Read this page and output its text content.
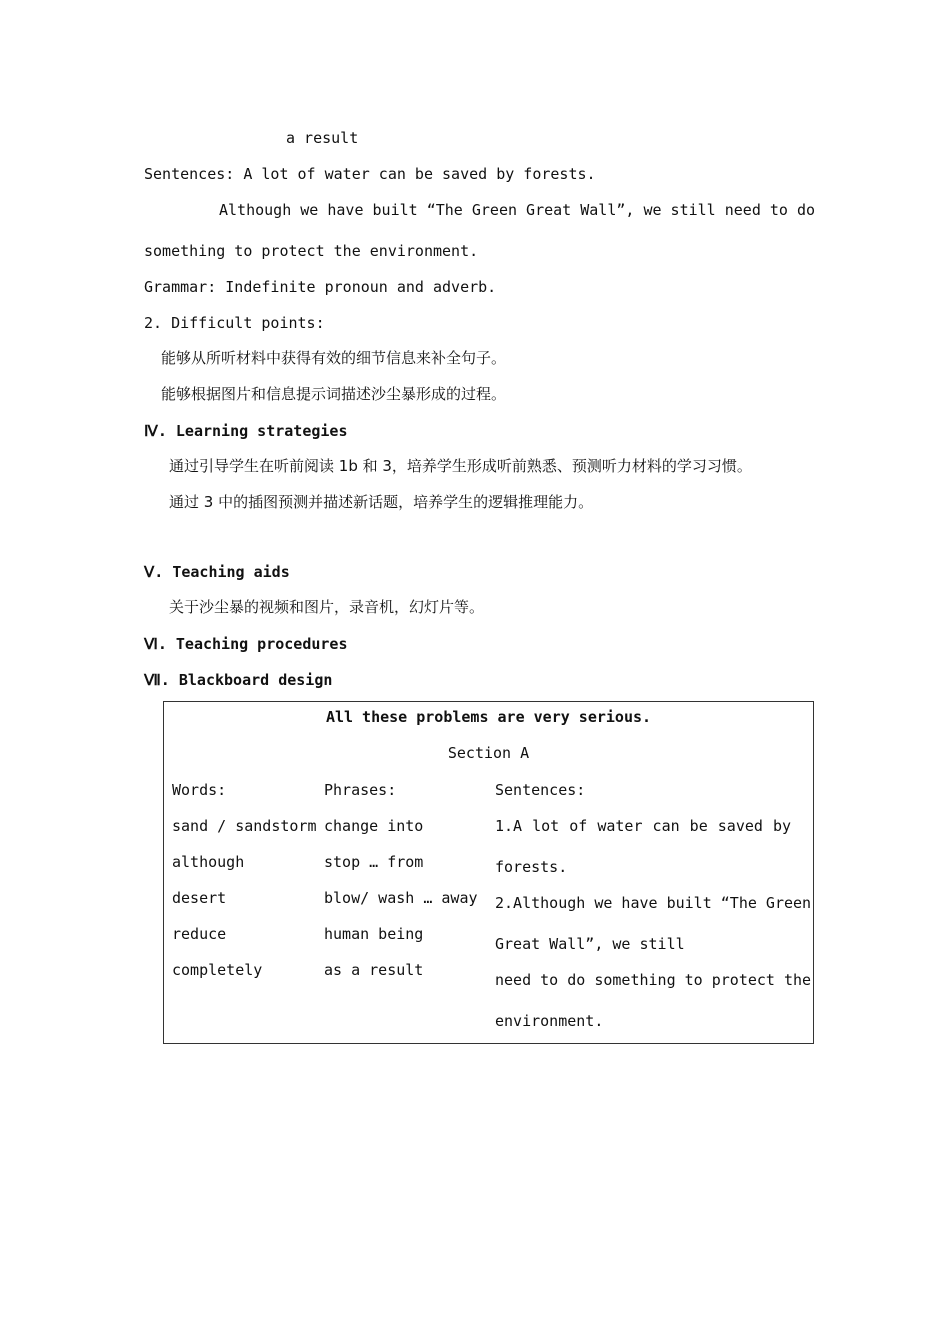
a result
Sentences: A lot of water can be saved by forests.
Although we have built “The Green Great Wall”, we still need to do
something to protect the environment.
Grammar: Indefinite pronoun and adverb.
2. Difficult points:
能够从所听材料中获得有效的细节信息来补全句子。
能够根据图片和信息提示词描述沙尘暴形成的过程。
Ⅳ. Learning strategies
通过引导学生在听前阅读 1b 和 3，培养学生形成听前熟悉、预测听力材料的学习习惯。
通过 3 中的插图预测并描述新话题，培养学生的逻辑推理能力。
Ⅴ. Teaching aids
关于沙尘暴的视频和图片，录音机，幻灯片等。
Ⅵ. Teaching procedures
Ⅶ. Blackboard design
All these problems are very serious.
Section A
Words:	Phrases:	Sentences:
sand / sandstorm
although
desert
reduce
completely
change into
stop … from
blow/ wash … away
human being
as a result
1.A lot of water can be saved by
forests.
2.Although we have built “The Green
Great Wall”, we still
need to do something to protect the
environment.
